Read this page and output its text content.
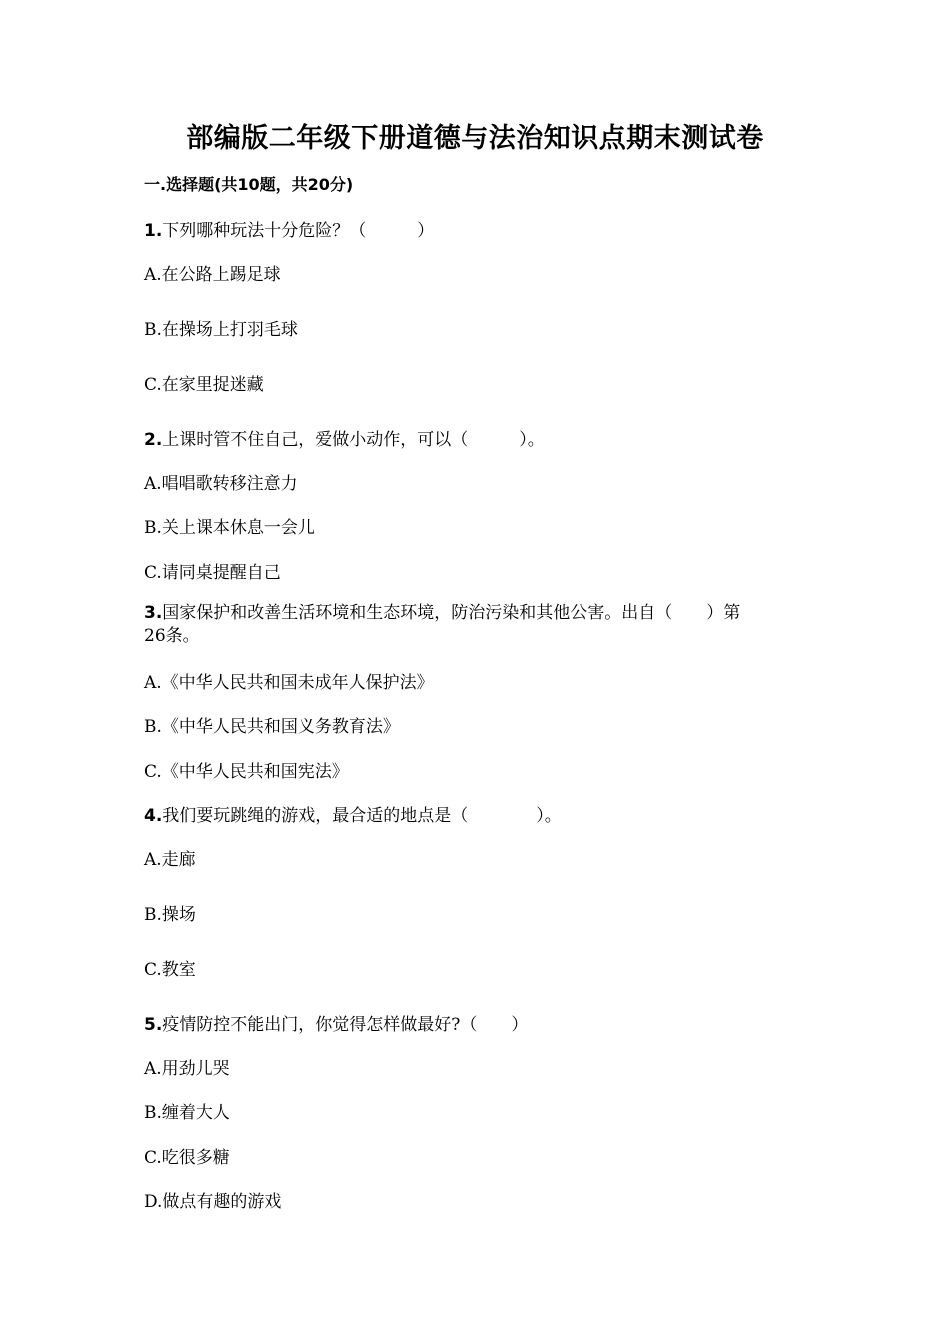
部编版二年级下册道德与法治知识点期末测试卷
一.选择题(共10题，共20分)
1.下列哪种玩法十分危险？（　　　）
A.在公路上踢足球
B.在操场上打羽毛球
C.在家里捉迷藏
2.上课时管不住自己，爱做小动作，可以（　　　）。
A.唱唱歌转移注意力
B.关上课本休息一会儿
C.请同桌提醒自己
3.国家保护和改善生活环境和生态环境，防治污染和其他公害。出自（　　）第26条。
A.《中华人民共和国未成年人保护法》
B.《中华人民共和国义务教育法》
C.《中华人民共和国宪法》
4.我们要玩跳绳的游戏，最合适的地点是（　　　　）。
A.走廊
B.操场
C.教室
5.疫情防控不能出门，你觉得怎样做最好?（　　）
A.用劲儿哭
B.缠着大人
C.吃很多糖
D.做点有趣的游戏
